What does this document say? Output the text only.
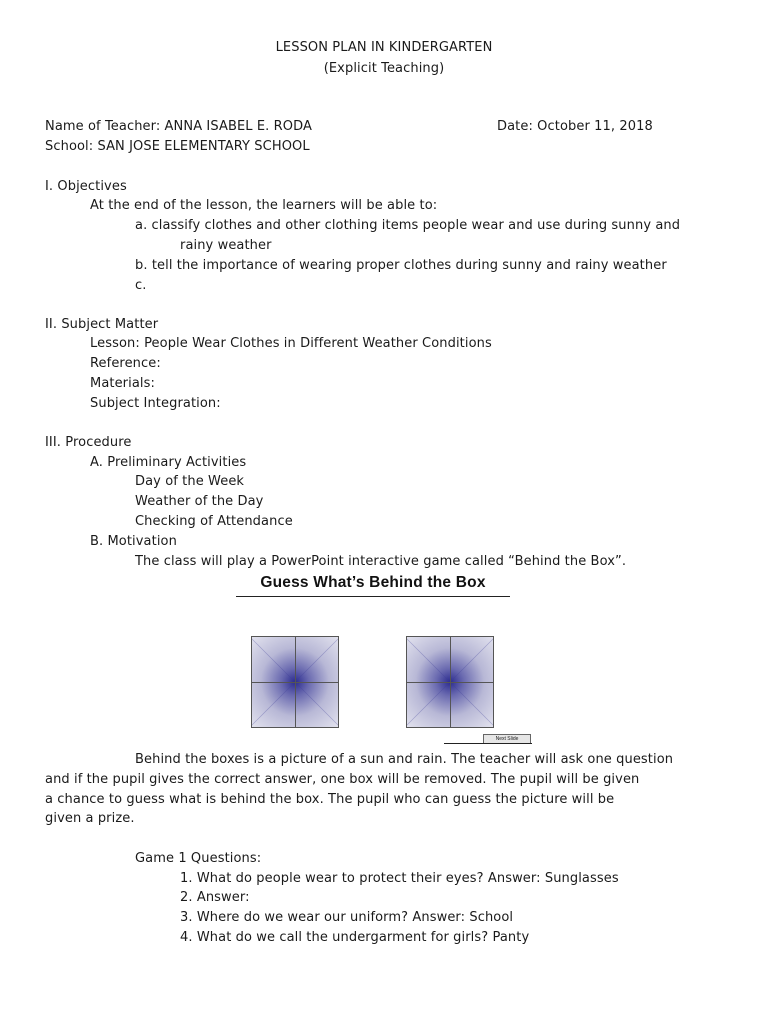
LESSON PLAN IN KINDERGARTEN
(Explicit Teaching)
Name of Teacher: ANNA ISABEL E. RODA	Date: October 11, 2018
School: SAN JOSE ELEMENTARY SCHOOL
I. Objectives
At the end of the lesson, the learners will be able to:
a. classify clothes and other clothing items people wear and use during sunny and
rainy weather
b. tell the importance of wearing proper clothes during sunny and rainy weather
c.
II. Subject Matter
Lesson: People Wear Clothes in Different Weather Conditions
Reference:
Materials:
Subject Integration:
III. Procedure
A. Preliminary Activities
Day of the Week
Weather of the Day
Checking of Attendance
B. Motivation
The class will play a PowerPoint interactive game called “Behind the Box”.
Guess What’s Behind the Box
Next Slide
Behind the boxes is a picture of a sun and rain. The teacher will ask one question
and if the pupil gives the correct answer, one box will be removed. The pupil will be given
a chance to guess what is behind the box. The pupil who can guess the picture will be
given a prize.
Game 1 Questions:
1. What do people wear to protect their eyes? Answer: Sunglasses
2. Answer:
3. Where do we wear our uniform? Answer: School
4. What do we call the undergarment for girls? Panty
